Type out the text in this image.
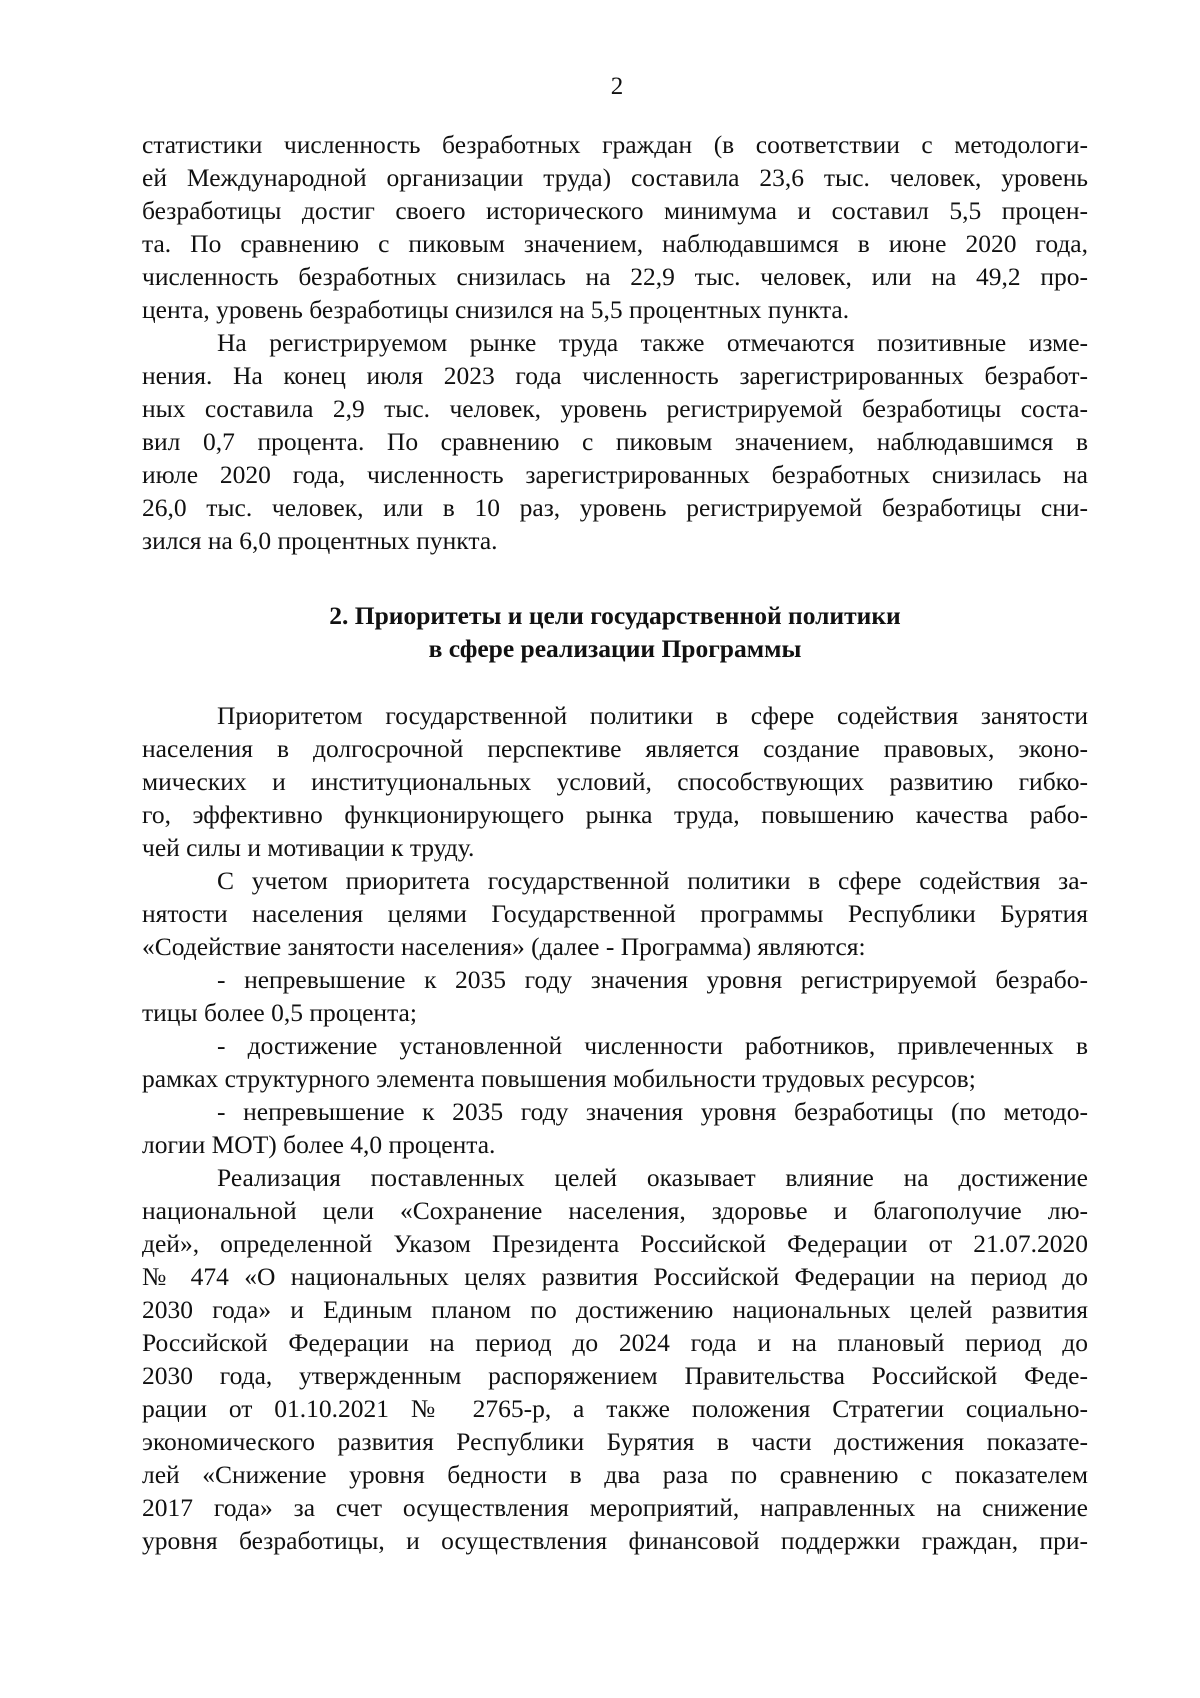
2
статистики численность безработных граждан (в соответствии с методологи-
ей Международной организации труда) составила 23,6 тыс. человек, уровень
безработицы достиг своего исторического минимума и составил 5,5 процен-
та. По сравнению с пиковым значением, наблюдавшимся в июне 2020 года,
численность безработных снизилась на 22,9 тыс. человек, или на 49,2 про-
цента, уровень безработицы снизился на 5,5 процентных пункта.
На регистрируемом рынке труда также отмечаются позитивные изме-
нения. На конец июля 2023 года численность зарегистрированных безработ-
ных составила 2,9 тыс. человек, уровень регистрируемой безработицы соста-
вил 0,7 процента. По сравнению с пиковым значением, наблюдавшимся в
июле 2020 года, численность зарегистрированных безработных снизилась на
26,0 тыс. человек, или в 10 раз, уровень регистрируемой безработицы сни-
зился на 6,0 процентных пункта.
2. Приоритеты и цели государственной политики
в сфере реализации Программы
Приоритетом государственной политики в сфере содействия занятости
населения в долгосрочной перспективе является создание правовых, эконо-
мических и институциональных условий, способствующих развитию гибко-
го, эффективно функционирующего рынка труда, повышению качества рабо-
чей силы и мотивации к труду.
С учетом приоритета государственной политики в сфере содействия за-
нятости населения целями Государственной программы Республики Бурятия
«Содействие занятости населения» (далее - Программа) являются:
- непревышение к 2035 году значения уровня регистрируемой безрабо-
тицы более 0,5 процента;
- достижение установленной численности работников, привлеченных в
рамках структурного элемента повышения мобильности трудовых ресурсов;
- непревышение к 2035 году значения уровня безработицы (по методо-
логии МОТ) более 4,0 процента.
Реализация поставленных целей оказывает влияние на достижение
национальной цели «Сохранение населения, здоровье и благополучие лю-
дей», определенной Указом Президента Российской Федерации от 21.07.2020
№ 474 «О национальных целях развития Российской Федерации на период до
2030 года» и Единым планом по достижению национальных целей развития
Российской Федерации на период до 2024 года и на плановый период до
2030 года, утвержденным распоряжением Правительства Российской Феде-
рации от 01.10.2021 № 2765-р, а также положения Стратегии социально-
экономического развития Республики Бурятия в части достижения показате-
лей «Снижение уровня бедности в два раза по сравнению с показателем
2017 года» за счет осуществления мероприятий, направленных на снижение
уровня безработицы, и осуществления финансовой поддержки граждан, при-
